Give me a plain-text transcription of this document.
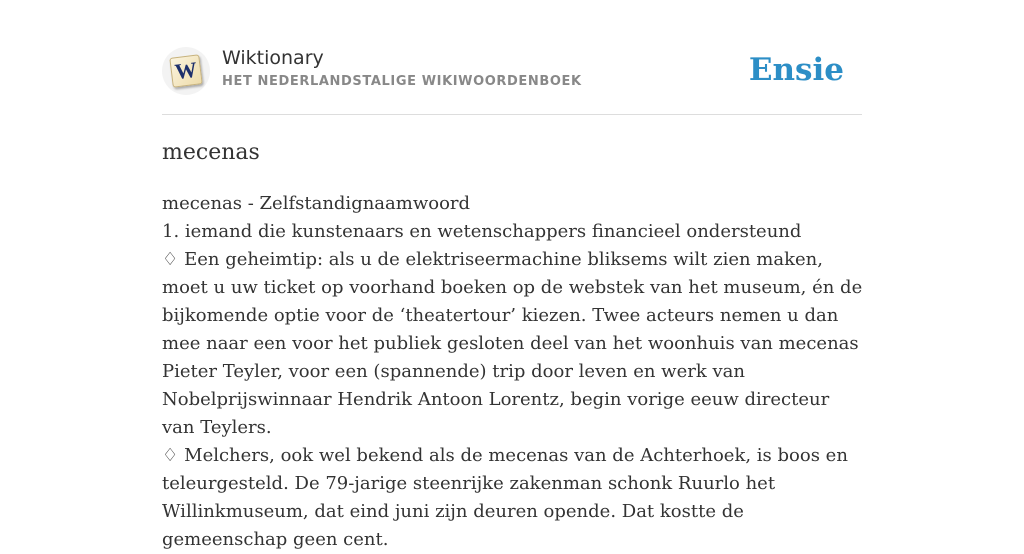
W Wiktionary
HET NEDERLANDSTALIGE WIKIWOORDENBOEK	Ensie
mecenas

mecenas - Zelfstandignaamwoord

1. iemand die kunstenaars en wetenschappers financieel ondersteund

♢ Een geheimtip: als u de elektriseermachine bliksems wilt zien maken, moet u uw ticket op voorhand boeken op de webstek van het museum, én de bijkomende optie voor de ‘theatertour’ kiezen. Twee acteurs nemen u dan mee naar een voor het publiek gesloten deel van het woonhuis van mecenas Pieter Teyler, voor een (spannende) trip door leven en werk van Nobelprijswinnaar Hendrik Antoon Lorentz, begin vorige eeuw directeur van Teylers.

♢ Melchers, ook wel bekend als de mecenas van de Achterhoek, is boos en teleurgesteld. De 79-jarige steenrijke zakenman schonk Ruurlo het Willinkmuseum, dat eind juni zijn deuren opende. Dat kostte de gemeenschap geen cent.
